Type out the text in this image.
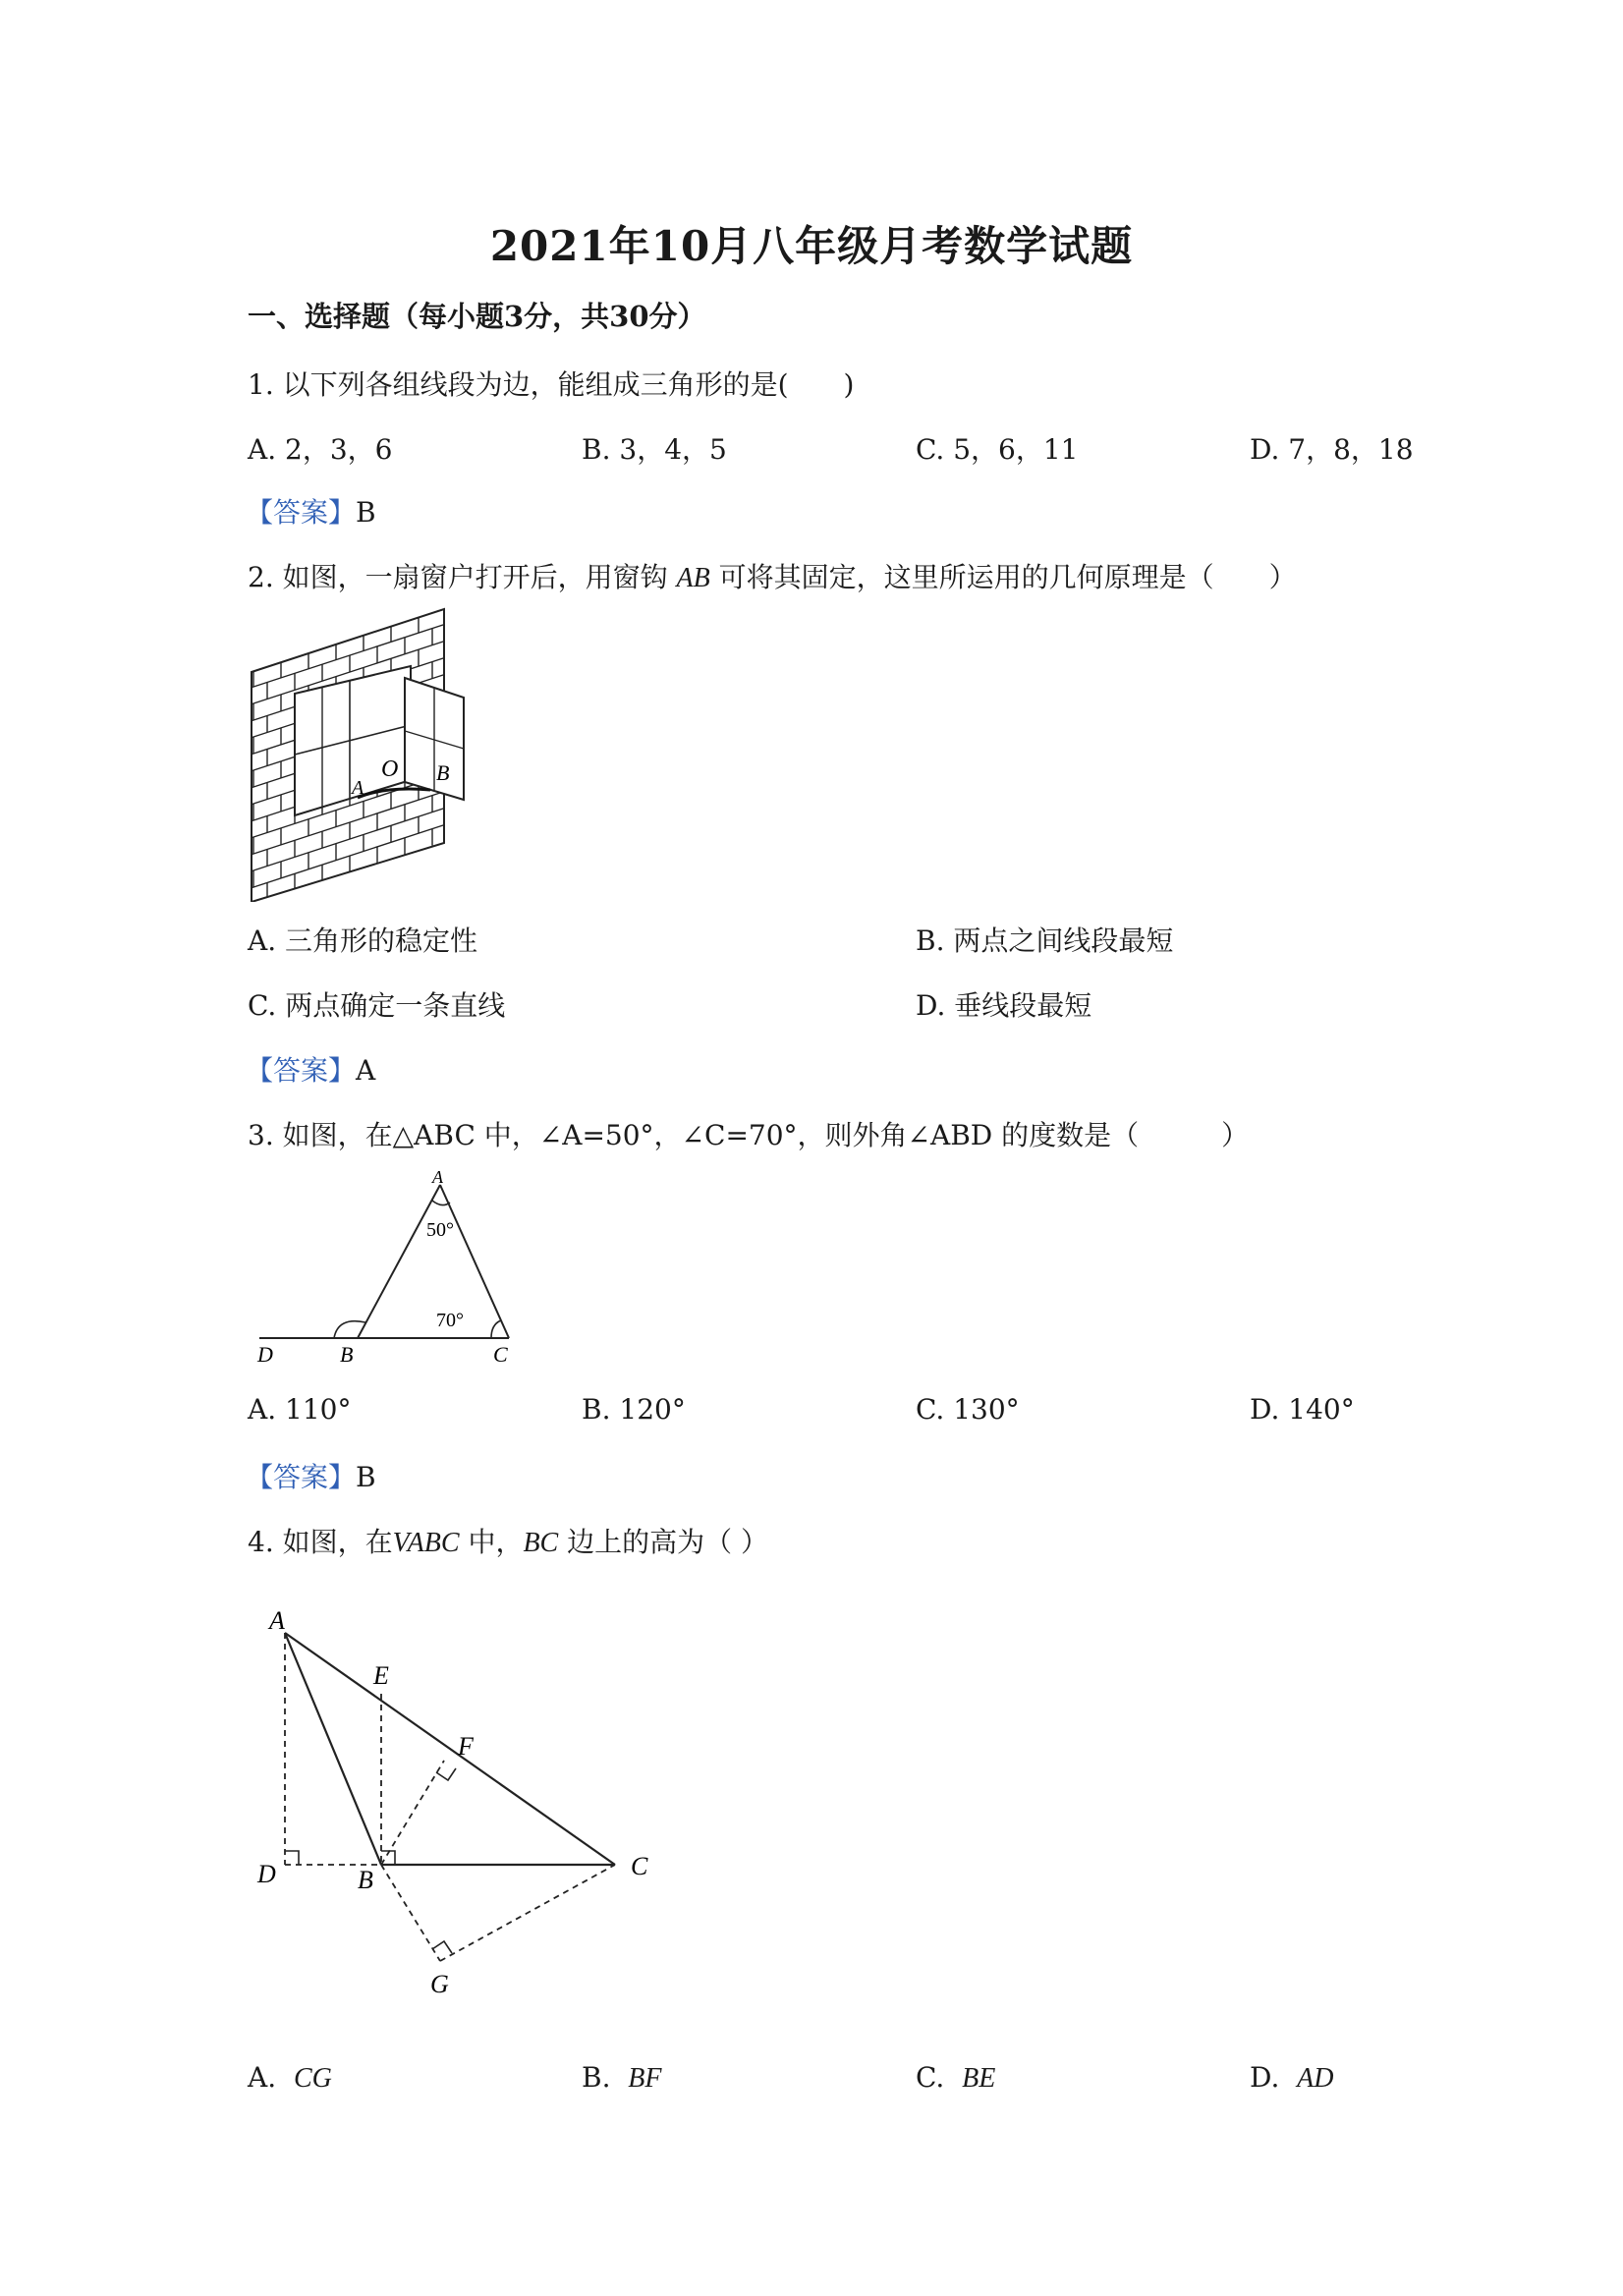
2021年10月八年级月考数学试题
一、选择题（每小题3分，共30分）
1. 以下列各组线段为边，能组成三角形的是(　　)
A. 2，3，6	B. 3，4，5	C. 5，6，11	D. 7，8，18
【答案】B
2. 如图，一扇窗户打开后，用窗钩 AB 可将其固定，这里所运用的几何原理是（　　）
A
O B
A. 三角形的稳定性	B. 两点之间线段最短
C. 两点确定一条直线	D. 垂线段最短
【答案】A
3. 如图，在△ABC 中，∠A=50°，∠C=70°，则外角∠ABD 的度数是（　　　）
A
50°
70°
D	B	C
A. 110°	B. 120°	C. 130°	D. 140°
【答案】B
4. 如图，在VABC 中，BC 边上的高为（ ）
A
E
F
D	B	C
G
A. CG	B. BF	C. BE	D. AD
